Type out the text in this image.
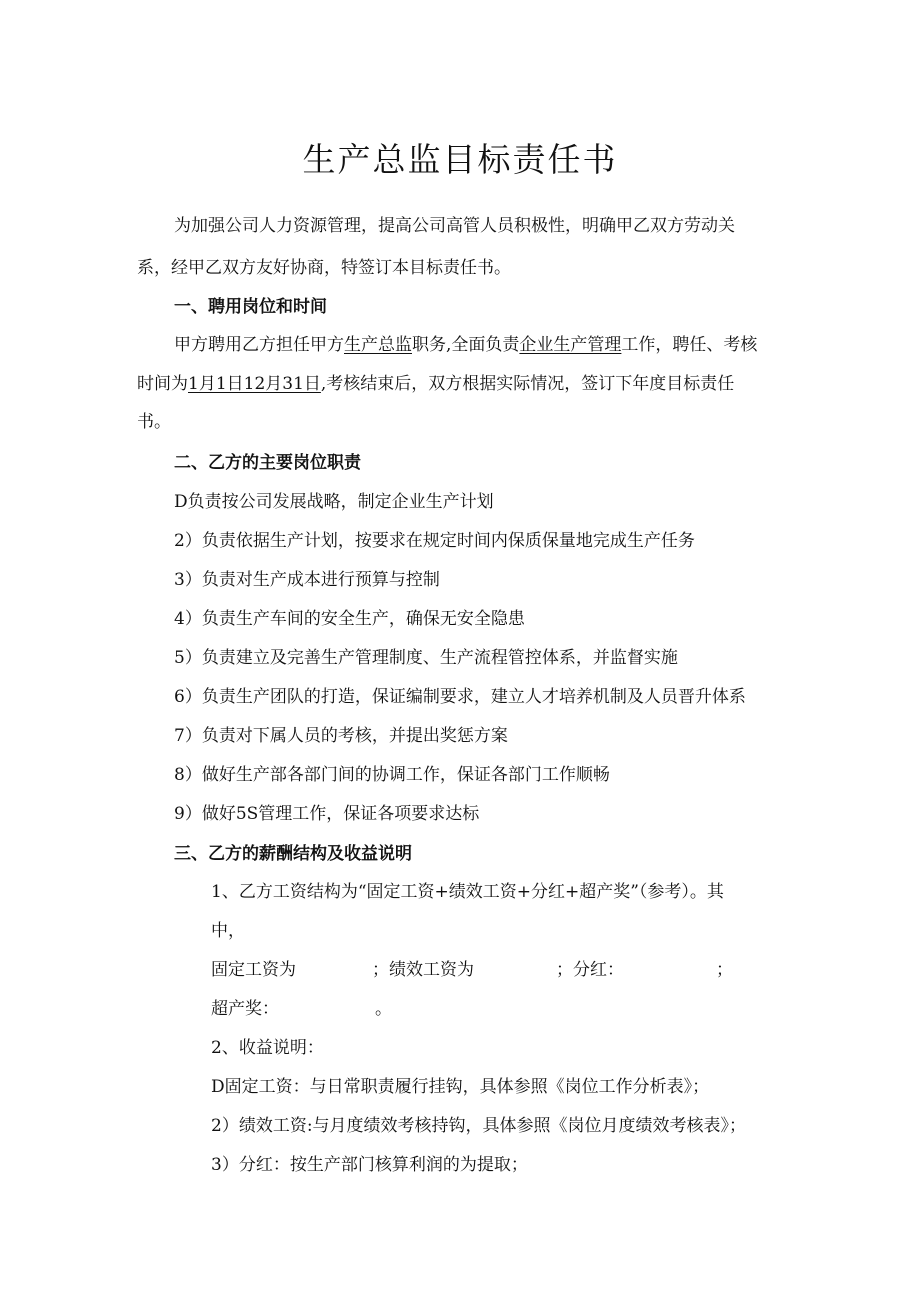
生产总监目标责任书
为加强公司人力资源管理，提高公司高管人员积极性，明确甲乙双方劳动关
系，经甲乙双方友好协商，特签订本目标责任书。
一、聘用岗位和时间
甲方聘用乙方担任甲方生产总监职务,全面负责企业生产管理工作，聘任、考核
时间为1月1日12月31日,考核结束后，双方根据实际情况，签订下年度目标责任
书。
二、乙方的主要岗位职责
D负责按公司发展战略，制定企业生产计划
2）负责依据生产计划，按要求在规定时间内保质保量地完成生产任务
3）负责对生产成本进行预算与控制
4）负责生产车间的安全生产，确保无安全隐患
5）负责建立及完善生产管理制度、生产流程管控体系，并监督实施
6）负责生产团队的打造，保证编制要求，建立人才培养机制及人员晋升体系
7）负责对下属人员的考核，并提出奖惩方案
8）做好生产部各部门间的协调工作，保证各部门工作顺畅
9）做好5S管理工作，保证各项要求达标
三、乙方的薪酬结构及收益说明
1、乙方工资结构为“固定工资+绩效工资+分红+超产奖”（参考）。其
中，
固定工资为	；绩效工资为	；分红：	；
超产奖：	。
2、收益说明：
D固定工资：与日常职责履行挂钩，具体参照《岗位工作分析表》；
2）绩效工资:与月度绩效考核持钩，具体参照《岗位月度绩效考核表》；
3）分红：按生产部门核算利润的为提取；
